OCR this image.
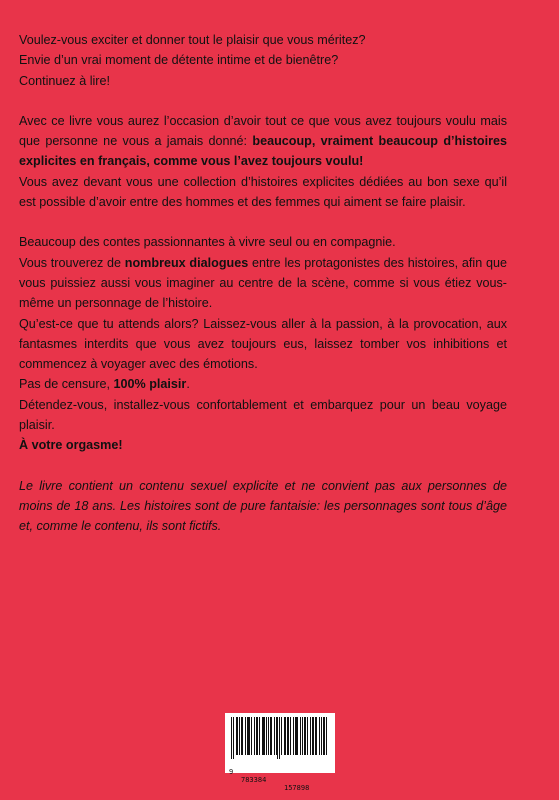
Voulez-vous exciter et donner tout le plaisir que vous méritez?

Envie d’un vrai moment de détente intime et de bienêtre?

Continuez à lire!

Avec ce livre vous aurez l’occasion d’avoir tout ce que vous avez toujours voulu mais que personne ne vous a jamais donné: beaucoup, vraiment beaucoup d’histoires explicites en français, comme vous l’avez toujours voulu!

Vous avez devant vous une collection d’histoires explicites dédiées au bon sexe qu’il est possible d’avoir entre des hommes et des femmes qui aiment se faire plaisir.

Beaucoup des contes passionnantes à vivre seul ou en compagnie.

Vous trouverez de nombreux dialogues entre les protagonistes des histoires, afin que vous puissiez aussi vous imaginer au centre de la scène, comme si vous étiez vous-même un personnage de l’histoire.

Qu’est-ce que tu attends alors? Laissez-vous aller à la passion, à la provocation, aux fantasmes interdits que vous avez toujours eus, laissez tomber vos inhibitions et commencez à voyager avec des émotions.

Pas de censure, 100% plaisir.

Détendez-vous, installez-vous confortablement et embarquez pour un beau voyage plaisir.

À votre orgasme!

Le livre contient un contenu sexuel explicite et ne convient pas aux personnes de moins de 18 ans. Les histoires sont de pure fantaisie: les personnages sont tous d’âge et, comme le contenu, ils sont fictifs.

9

783384

157898
